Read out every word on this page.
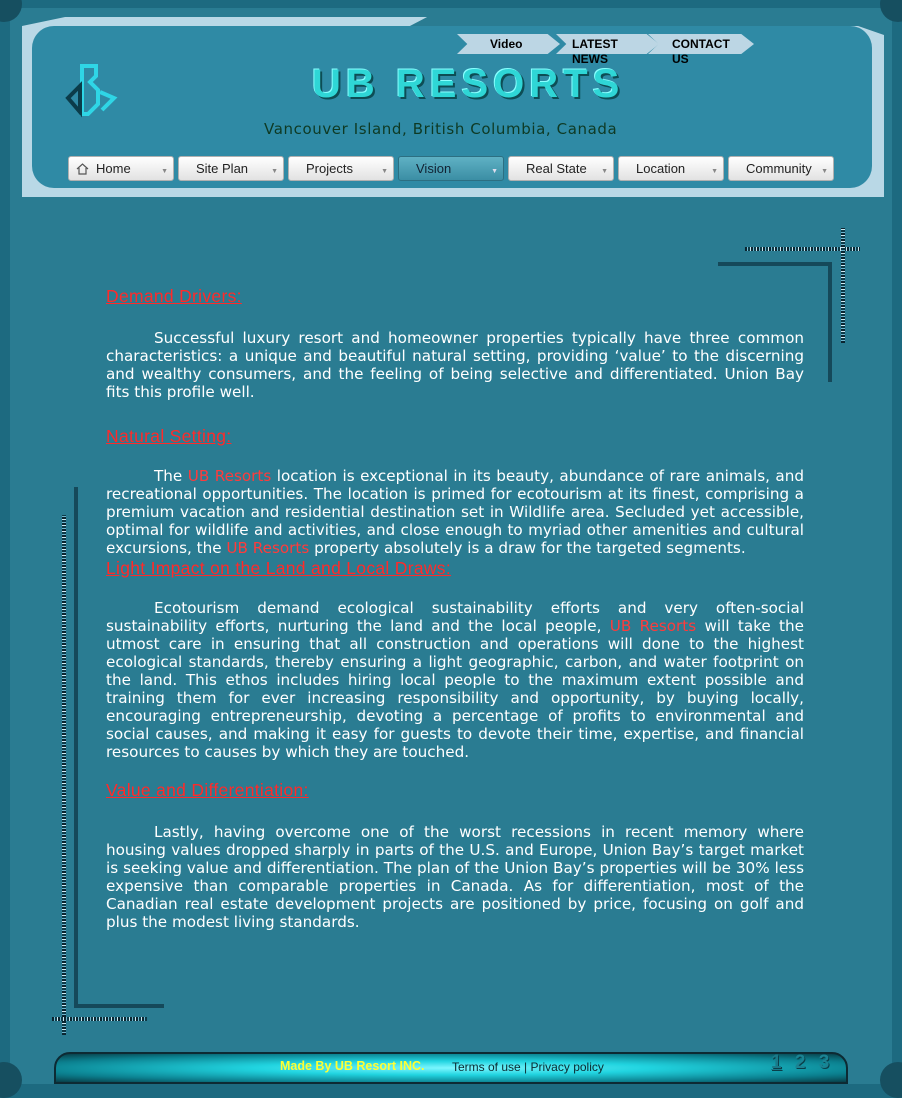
Video	LATEST NEWS
CONTACT US
UB RESORTS
Vancouver Island, British Columbia, Canada
Home	▼ Site Plan	▼ Projects	▼ Vision	▼ Real State ▼ Location	▼ Community ▼
Demand Drivers:

Successful luxury resort and homeowner properties typically have three common characteristics: a unique and beautiful natural setting, providing ‘value’ to the discerning and wealthy consumers, and the feeling of being selective and differentiated. Union Bay fits this profile well.

Natural Setting:

The UB Resorts location is exceptional in its beauty, abundance of rare animals, and recreational opportunities. The location is primed for ecotourism at its finest, comprising a premium vacation and residential destination set in Wildlife area. Secluded yet accessible, optimal for wildlife and activities, and close enough to myriad other amenities and cultural excursions, the UB Resorts property absolutely is a draw for the targeted segments.

Light Impact on the Land and Local Draws:

Ecotourism demand ecological sustainability efforts and very often-social sustainability efforts, nurturing the land and the local people, UB Resorts will take the utmost care in ensuring that all construction and operations will done to the highest ecological standards, thereby ensuring a light geographic, carbon, and water footprint on the land. This ethos includes hiring local people to the maximum extent possible and training them for ever increasing responsibility and opportunity, by buying locally, encouraging entrepreneurship, devoting a percentage of profits to environmental and social causes, and making it easy for guests to devote their time, expertise, and financial resources to causes by which they are touched.

Value and Differentiation:

Lastly, having overcome one of the worst recessions in recent memory where housing values dropped sharply in parts of the U.S. and Europe, Union Bay’s target market is seeking value and differentiation. The plan of the Union Bay’s properties will be 30% less expensive than comparable properties in Canada. As for differentiation, most of the Canadian real estate development projects are positioned by price, focusing on golf and plus the modest living standards.

Made By UB Resort INC. Terms of use | Privacy policy	1 2 3
